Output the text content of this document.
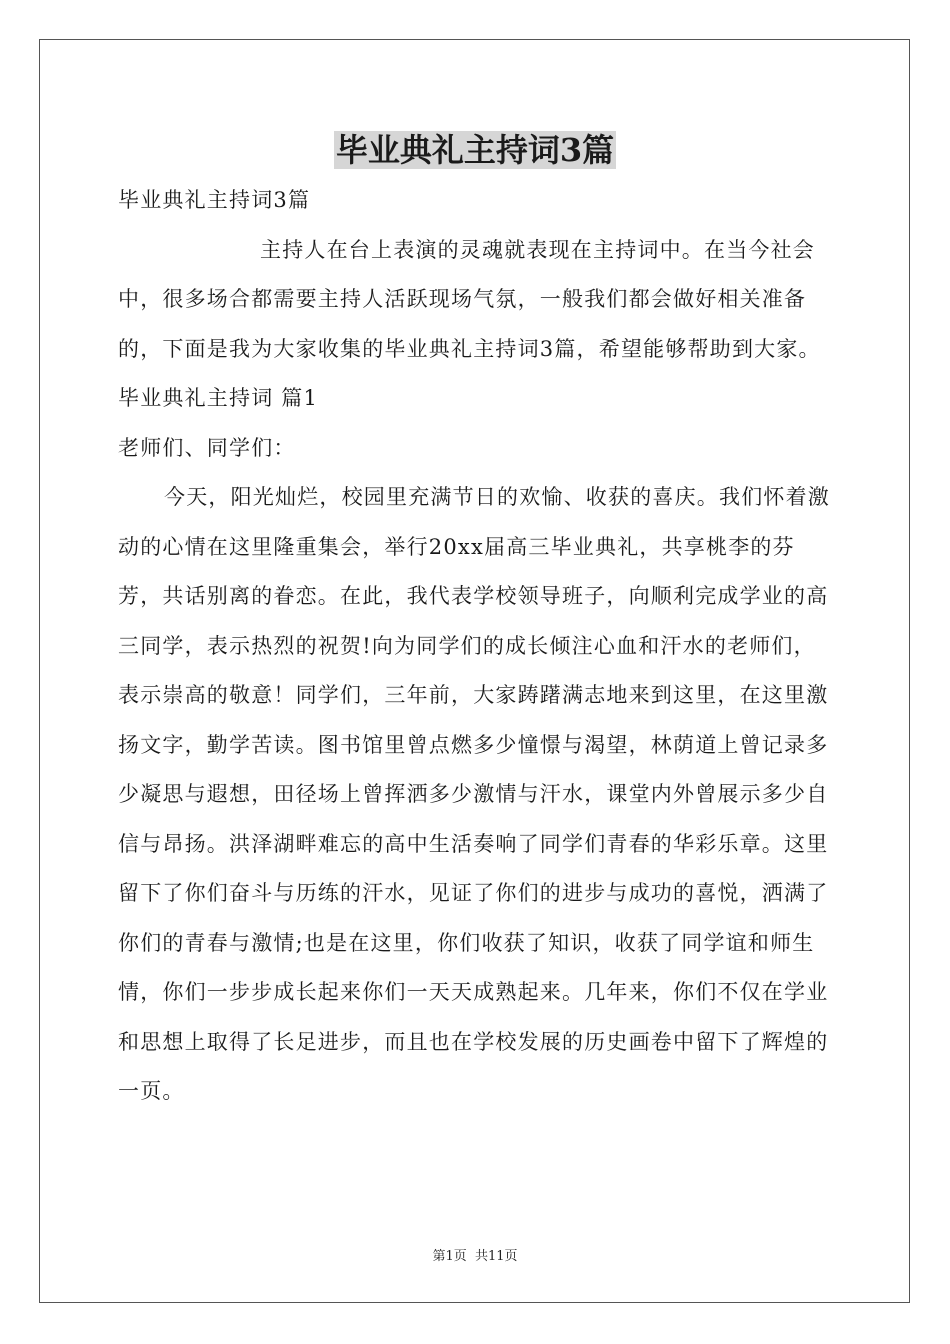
毕业典礼主持词3篇

毕业典礼主持词3篇

主持人在台上表演的灵魂就表现在主持词中。在当今社会中，很多场合都需要主持人活跃现场气氛，一般我们都会做好相关准备的，下面是我为大家收集的毕业典礼主持词3篇，希望能够帮助到大家。

毕业典礼主持词 篇1

老师们、同学们：

今天，阳光灿烂，校园里充满节日的欢愉、收获的喜庆。我们怀着激动的心情在这里隆重集会，举行20xx届高三毕业典礼，共享桃李的芬芳，共话别离的眷恋。在此，我代表学校领导班子，向顺利完成学业的高三同学，表示热烈的祝贺!向为同学们的成长倾注心血和汗水的老师们，表示崇高的敬意！同学们，三年前，大家踌躇满志地来到这里，在这里激扬文字，勤学苦读。图书馆里曾点燃多少憧憬与渴望，林荫道上曾记录多少凝思与遐想，田径场上曾挥洒多少激情与汗水，课堂内外曾展示多少自信与昂扬。洪泽湖畔难忘的高中生活奏响了同学们青春的华彩乐章。这里留下了你们奋斗与历练的汗水，见证了你们的进步与成功的喜悦，洒满了你们的青春与激情;也是在这里，你们收获了知识，收获了同学谊和师生情，你们一步步成长起来你们一天天成熟起来。几年来，你们不仅在学业和思想上取得了长足进步，而且也在学校发展的历史画卷中留下了辉煌的一页。

第1页  共11页
